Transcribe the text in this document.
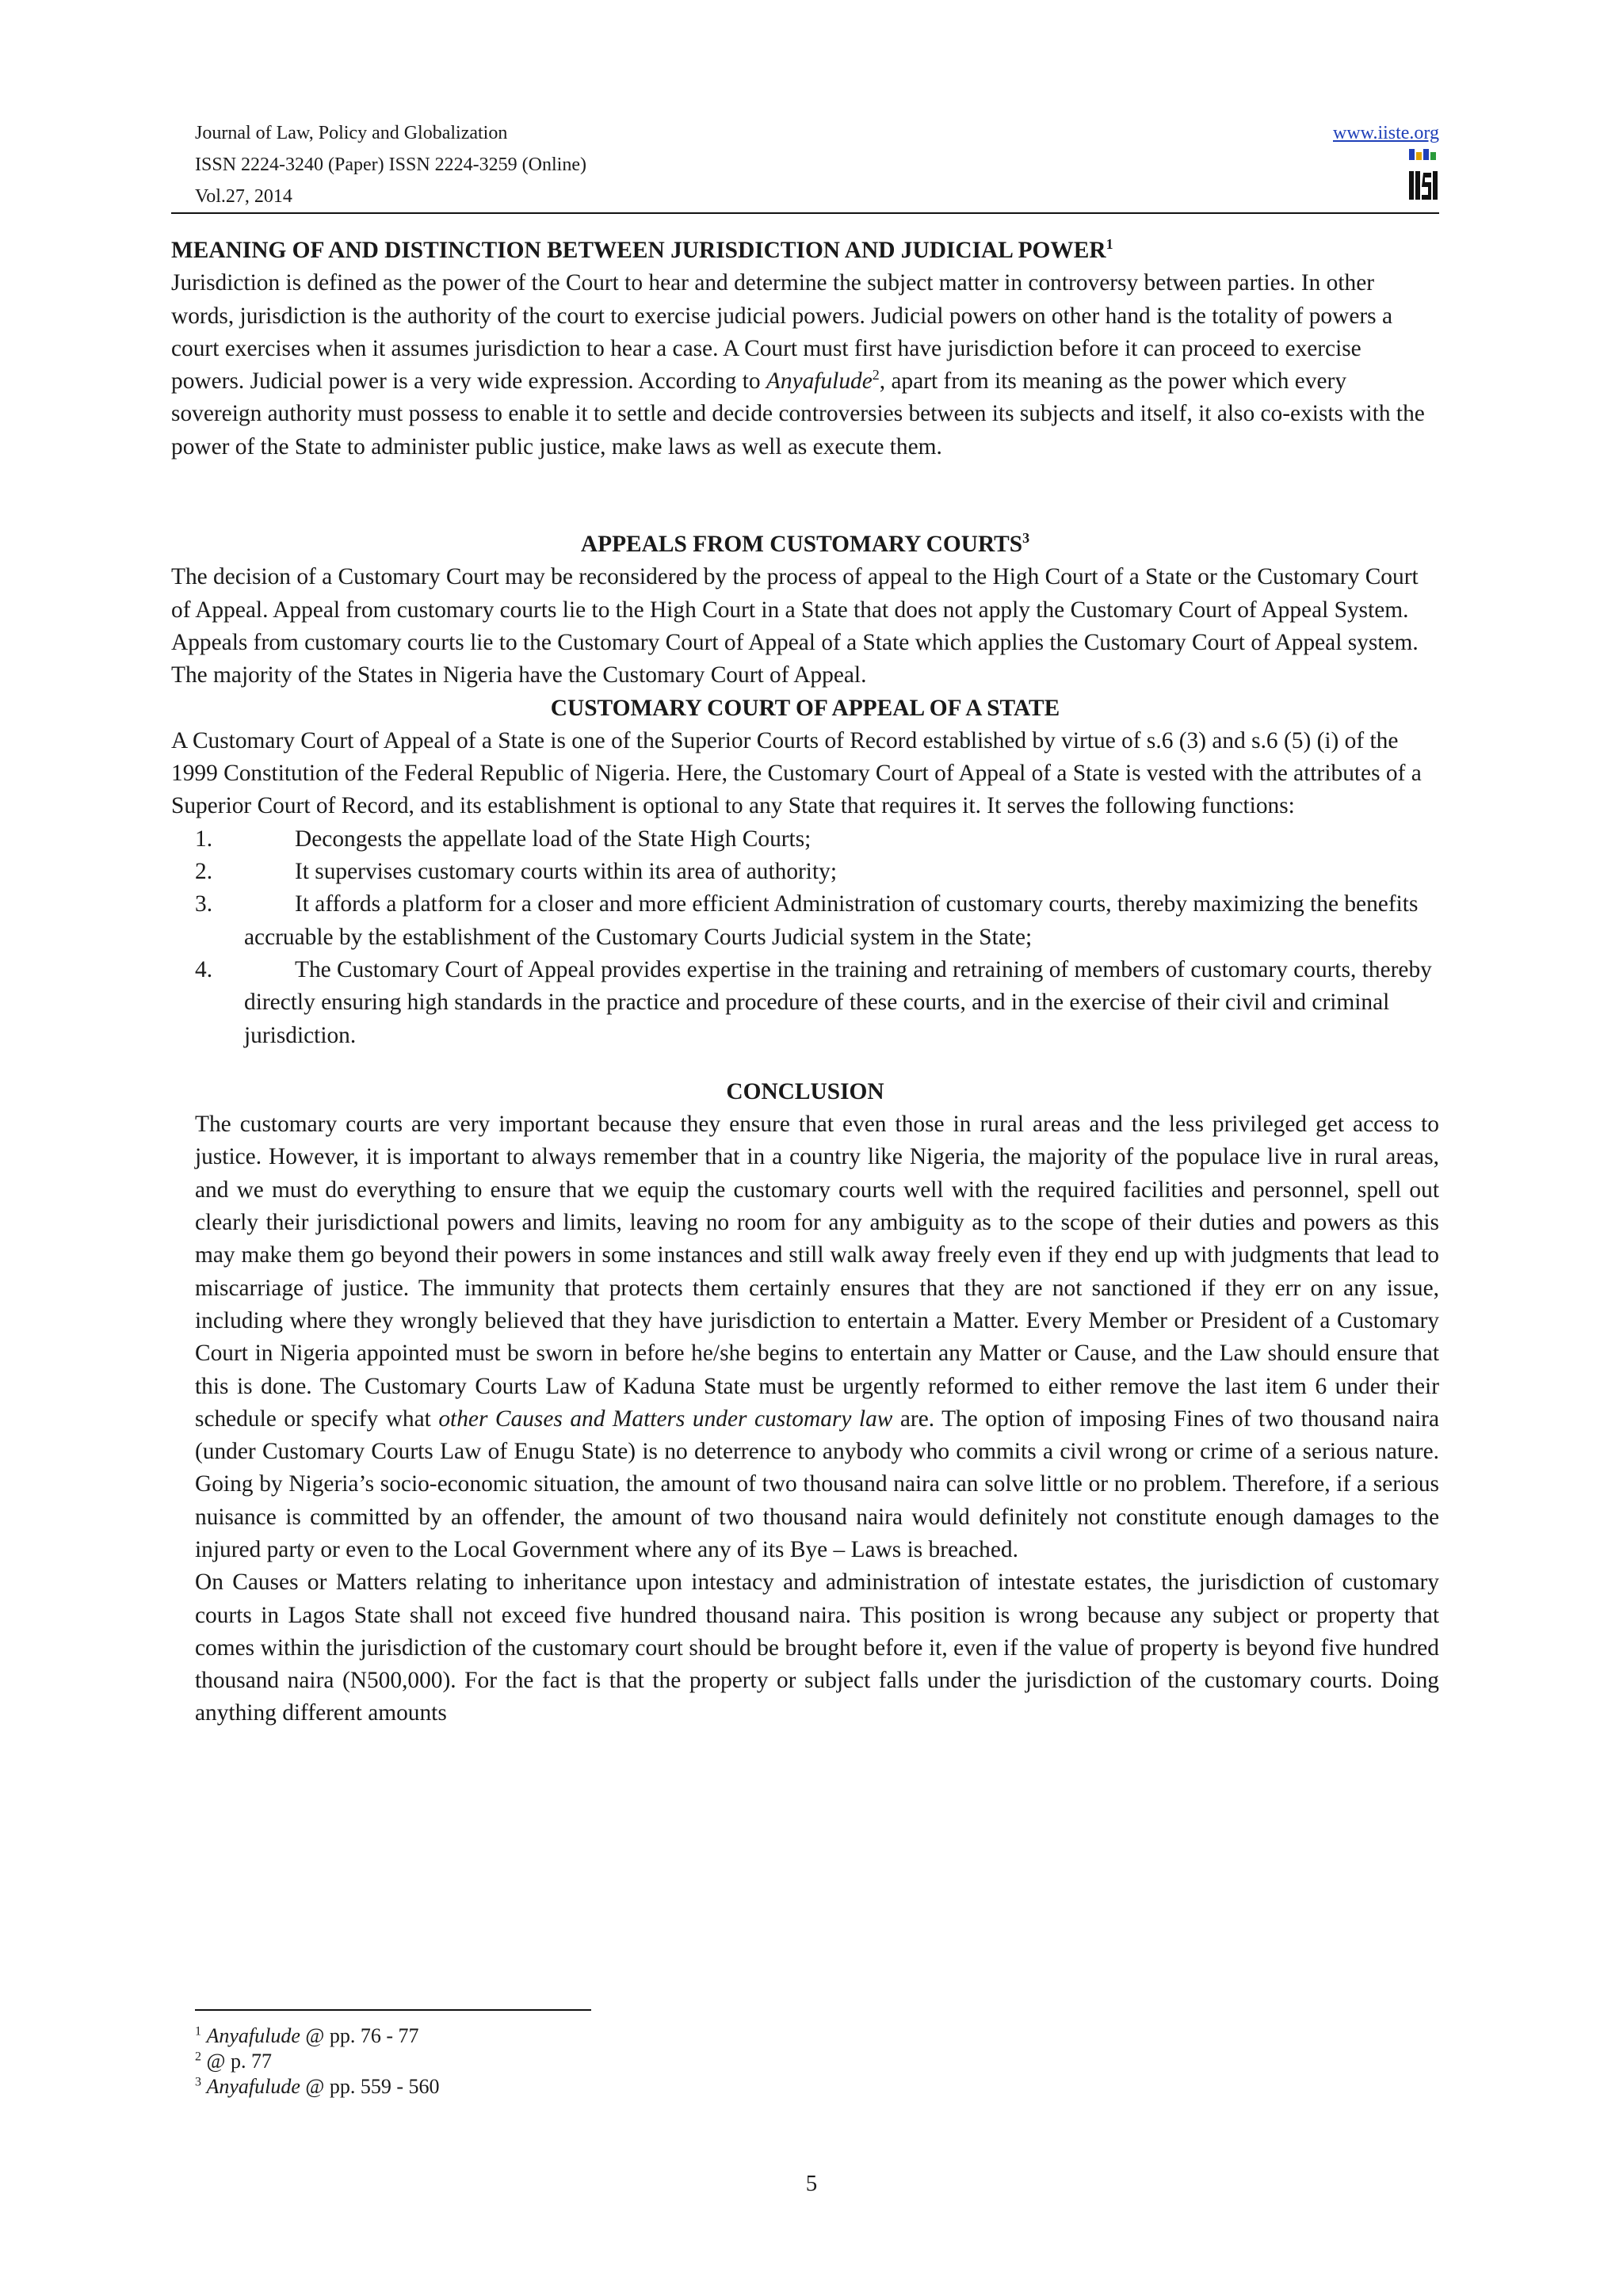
Journal of Law, Policy and Globalization
ISSN 2224-3240 (Paper) ISSN 2224-3259 (Online)
Vol.27, 2014
www.iiste.org

MEANING OF AND DISTINCTION BETWEEN JURISDICTION AND JUDICIAL POWER$^1$

Jurisdiction is defined as the power of the Court to hear and determine the subject matter in controversy between parties. In other words, jurisdiction is the authority of the court to exercise judicial powers. Judicial powers on other hand is the totality of powers a court exercises when it assumes jurisdiction to hear a case. A Court must first have jurisdiction before it can proceed to exercise powers. Judicial power is a very wide expression. According to Anyafulude$^2$, apart from its meaning as the power which every sovereign authority must possess to enable it to settle and decide controversies between its subjects and itself, it also co-exists with the power of the State to administer public justice, make laws as well as execute them.

APPEALS FROM CUSTOMARY COURTS$^3$

The decision of a Customary Court may be reconsidered by the process of appeal to the High Court of a State or the Customary Court of Appeal. Appeal from customary courts lie to the High Court in a State that does not apply the Customary Court of Appeal System. Appeals from customary courts lie to the Customary Court of Appeal of a State which applies the Customary Court of Appeal system. The majority of the States in Nigeria have the Customary Court of Appeal.

CUSTOMARY COURT OF APPEAL OF A STATE

A Customary Court of Appeal of a State is one of the Superior Courts of Record established by virtue of s.6 (3) and s.6 (5) (i) of the 1999 Constitution of the Federal Republic of Nigeria. Here, the Customary Court of Appeal of a State is vested with the attributes of a Superior Court of Record, and its establishment is optional to any State that requires it. It serves the following functions:

1.	Decongests the appellate load of the State High Courts;
2.	It supervises customary courts within its area of authority;
3.	It affords a platform for a closer and more efficient Administration of customary courts, thereby maximizing the benefits accruable by the establishment of the Customary Courts Judicial system in the State;
4.	The Customary Court of Appeal provides expertise in the training and retraining of members of customary courts, thereby directly ensuring high standards in the practice and procedure of these courts, and in the exercise of their civil and criminal jurisdiction.

CONCLUSION

The customary courts are very important because they ensure that even those in rural areas and the less privileged get access to justice. However, it is important to always remember that in a country like Nigeria, the majority of the populace live in rural areas, and we must do everything to ensure that we equip the customary courts well with the required facilities and personnel, spell out clearly their jurisdictional powers and limits, leaving no room for any ambiguity as to the scope of their duties and powers as this may make them go beyond their powers in some instances and still walk away freely even if they end up with judgments that lead to miscarriage of justice. The immunity that protects them certainly ensures that they are not sanctioned if they err on any issue, including where they wrongly believed that they have jurisdiction to entertain a Matter. Every Member or President of a Customary Court in Nigeria appointed must be sworn in before he/she begins to entertain any Matter or Cause, and the Law should ensure that this is done. The Customary Courts Law of Kaduna State must be urgently reformed to either remove the last item 6 under their schedule or specify what other Causes and Matters under customary law are. The option of imposing Fines of two thousand naira (under Customary Courts Law of Enugu State) is no deterrence to anybody who commits a civil wrong or crime of a serious nature. Going by Nigeria’s socio-economic situation, the amount of two thousand naira can solve little or no problem. Therefore, if a serious nuisance is committed by an offender, the amount of two thousand naira would definitely not constitute enough damages to the injured party or even to the Local Government where any of its Bye – Laws is breached.

On Causes or Matters relating to inheritance upon intestacy and administration of intestate estates, the jurisdiction of customary courts in Lagos State shall not exceed five hundred thousand naira. This position is wrong because any subject or property that comes within the jurisdiction of the customary court should be brought before it, even if the value of property is beyond five hundred thousand naira (N500,000). For the fact is that the property or subject falls under the jurisdiction of the customary courts. Doing anything different amounts

$^1$ Anyafulude @ pp. 76 - 77
$^2$ @ p. 77
$^3$ Anyafulude @ pp. 559 - 560
5
